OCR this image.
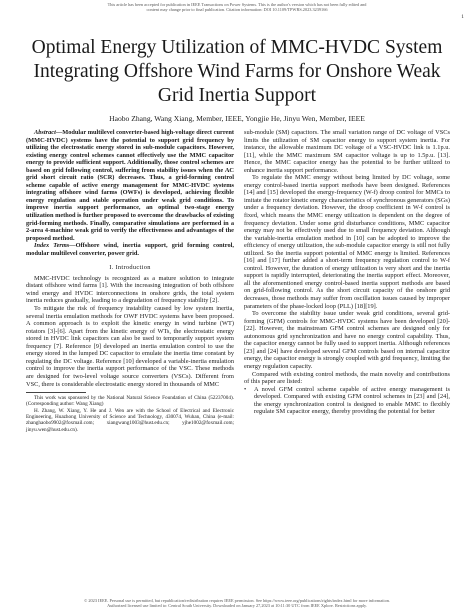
This article has been accepted for publication in IEEE Transactions on Power Systems. This is the author's version which has not been fully edited and
content may change prior to final publication. Citation information: DOI 10.1109/TPWRS.2023.3239166
1
Optimal Energy Utilization of MMC-HVDC System Integrating Offshore Wind Farms for Onshore Weak Grid Inertia Support
Haobo Zhang, Wang Xiang, Member, IEEE, Yongjie He, Jinyu Wen, Member, IEEE

Abstract—Modular multilevel converter-based high-voltage direct current (MMC-HVDC) systems have the potential to support grid frequency by utilizing the electrostatic energy stored in sub-module capacitors. However, existing energy control schemes cannot effectively use the MMC capacitor energy to provide sufficient support. Additionally, those control schemes are based on grid following control, suffering from stability issues when the AC grid short circuit ratio (SCR) decreases. Thus, a grid-forming control scheme capable of active energy management for MMC-HVDC systems integrating offshore wind farms (OWFs) is developed, achieving flexible energy regulation and stable operation under weak grid conditions. To improve inertia support performance, an optimal two-stage energy utilization method is further proposed to overcome the drawbacks of existing grid-forming methods. Finally, comparative simulations are performed in a 2-area 4-machine weak grid to verify the effectiveness and advantages of the proposed method.

Index Terms—Offshore wind, inertia support, grid forming control, modular multilevel converter, power grid.

I. Introduction

MMC-HVDC technology is recognized as a mature solution to integrate distant offshore wind farms [1]. With the increasing integration of both offshore wind energy and HVDC interconnections in onshore grids, the total system inertia reduces gradually, leading to a degradation of frequency stability [2].

To mitigate the risk of frequency instability caused by low system inertia, several inertia emulation methods for OWF HVDC systems have been proposed. A common approach is to exploit the kinetic energy in wind turbine (WT) rotators [3]-[6]. Apart from the kinetic energy of WTs, the electrostatic energy stored in HVDC link capacitors can also be used to temporarily support system frequency [7]. Reference [9] developed an inertia emulation control to use the energy stored in the lumped DC capacitor to emulate the inertia time constant by regulating the DC voltage. Reference [10] developed a variable-inertia emulation control to improve the inertia support performance of the VSC. These methods are designed for two-level voltage source converters (VSCs). Different from VSC, there is considerable electrostatic energy stored in thousands of MMC

This work was sponsored by the National Natural Science Foundation of China (52237004). (Corresponding author: Wang Xiang)

H. Zhang, W. Xiang, Y. He and J. Wen are with the School of Electrical and Electronic Engineering, Huazhong University of Science and Technology, 430074, Wuhan, China (e-mail: zhanghaobo9902@foxmail.com; xiangwang1003@hust.edu.cn; yjhe1002@foxmail.com; jinyu.wen@hust.edu.cn).

sub-module (SM) capacitors. The small variation range of DC voltage of VSCs limits the utilization of SM capacitor energy to support system inertia. For instance, the allowable maximum DC voltage of a VSC-HVDC link is 1.1p.u. [11], while the MMC maximum SM capacitor voltage is up to 1.5p.u. [13]. Hence, the MMC capacitor energy has the potential to be further utilized to enhance inertia support performance.

To regulate the MMC energy without being limited by DC voltage, some energy control-based inertia support methods have been designed. References [14] and [15] developed the energy-frequency (W-f) droop control for MMCs to imitate the rotator kinetic energy characteristics of synchronous generators (SGs) under a frequency deviation. However, the droop coefficient in W-f control is fixed, which means the MMC energy utilization is dependent on the degree of frequency deviation. Under some grid disturbance conditions, MMC capacitor energy may not be effectively used due to small frequency deviation. Although the variable-inertia emulation method in [10] can be adopted to improve the efficiency of energy utilization, the sub-module capacitor energy is still not fully utilized. So the inertia support potential of MMC energy is limited. References [16] and [17] further added a short-term frequency regulation control to W-f control. However, the duration of energy utilization is very short and the inertia support is rapidly interrupted, deteriorating the inertia support effect. Moreover, all the aforementioned energy control-based inertia support methods are based on grid-following control. As the short circuit capacity of the onshore grid decreases, those methods may suffer from oscillation issues caused by improper parameters of the phase-locked loop (PLL) [18][19].

To overcome the stability issue under weak grid conditions, several grid-forming (GFM) controls for MMC-HVDC systems have been developed [20]-[22]. However, the mainstream GFM control schemes are designed only for autonomous grid synchronization and have no energy control capability. Thus, the capacitor energy cannot be fully used to support inertia. Although references [23] and [24] have developed several GFM controls based on internal capacitor energy, the capacitor energy is strongly coupled with grid frequency, limiting the energy regulation capacity.

Compared with existing control methods, the main novelty and contributions of this paper are listed:

•	A novel GFM control scheme capable of active energy management is developed. Compared with existing GFM control schemes in [23] and [24], the energy synchronization control is designed to enable MMC to flexibly regulate SM capacitor energy, thereby providing the potential for better
© 2023 IEEE. Personal use is permitted, but republication/redistribution requires IEEE permission. See https://www.ieee.org/publications/rights/index.html for more information.
Authorized licensed use limited to: Central South University. Downloaded on January 27,2023 at 10:11:30 UTC from IEEE Xplore. Restrictions apply.
